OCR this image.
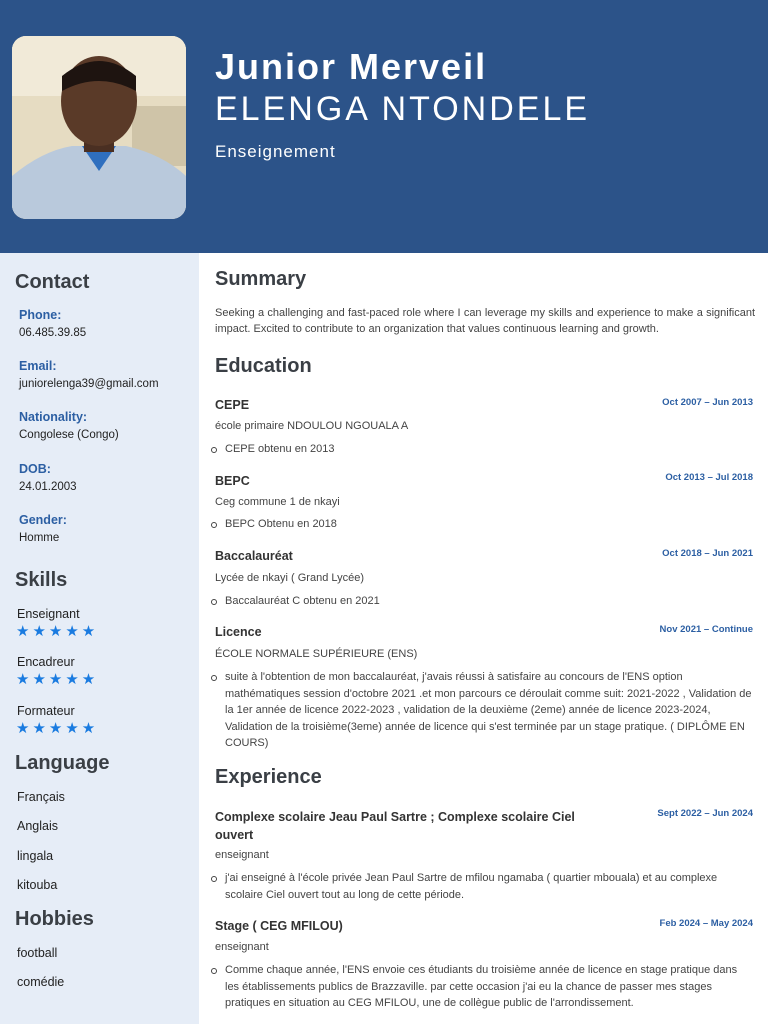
Junior Merveil
ELENGA NTONDELE
Enseignement
Contact
Phone:
06.485.39.85
Email:
juniorelenga39@gmail.com
Nationality:
Congolese (Congo)
DOB:
24.01.2003
Gender:
Homme
Skills
Enseignant
★★★★★
Encadreur
★★★★★
Formateur
★★★★★
Language
Français
Anglais
lingala
kitouba
Hobbies
football
comédie
Summary
Seeking a challenging and fast-paced role where I can leverage my skills and experience to make a significant impact. Excited to contribute to an organization that values continuous learning and growth.
Education
CEPE	Oct 2007 – Jun 2013
école primaire NDOULOU NGOUALA A
CEPE obtenu en 2013
BEPC	Oct 2013 – Jul 2018
Ceg commune 1 de nkayi
BEPC Obtenu en 2018
Baccalauréat	Oct 2018 – Jun 2021
Lycée de nkayi ( Grand Lycée)
Baccalauréat C obtenu en 2021
Licence	Nov 2021 – Continue
ÉCOLE NORMALE SUPÉRIEURE (ENS)
suite à l'obtention de mon baccalauréat, j'avais réussi à satisfaire au concours de l'ENS option mathématiques session d'octobre 2021 .et mon parcours ce déroulait comme suit: 2021-2022 , Validation de la 1er année de licence 2022-2023 , validation de la deuxième (2eme) année de licence 2023-2024, Validation de la troisième(3eme) année de licence qui s'est terminée par un stage pratique. ( DIPLÔME EN COURS)
Experience
Complexe scolaire Jeau Paul Sartre ; Complexe scolaire Ciel ouvert
Sept 2022 – Jun 2024
enseignant
j'ai enseigné à l'école privée Jean Paul Sartre de mfilou ngamaba ( quartier mbouala) et au complexe scolaire Ciel ouvert tout au long de cette période.
Stage ( CEG MFILOU)	Feb 2024 – May 2024
enseignant
Comme chaque année, l'ENS envoie ces étudiants du troisième année de licence en stage pratique dans les établissements publics de Brazzaville. par cette occasion j'ai eu la chance de passer mes stages pratiques en situation au CEG MFILOU, une de collègue public de l'arrondissement.
